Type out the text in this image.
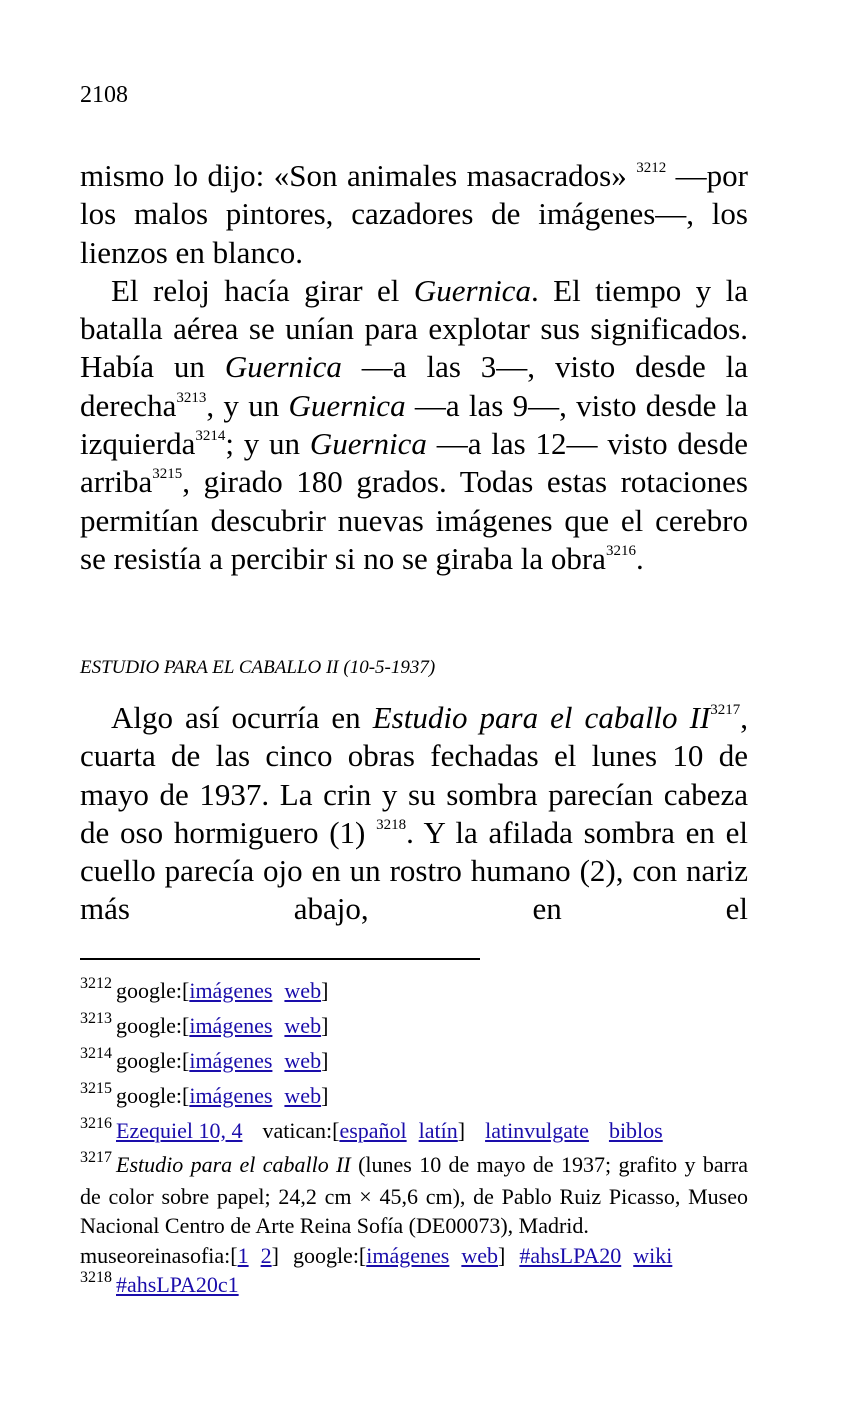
2108

mismo lo dijo: «Son animales masacrados» $^{3212}$ —por los malos pintores, cazadores de imágenes—, los lienzos en blanco.

El reloj hacía girar el Guernica. El tiempo y la batalla aérea se unían para explotar sus significados. Había un Guernica —a las 3—, visto desde la derecha$^{3213}$, y un Guernica —a las 9—, visto desde la izquierda$^{3214}$; y un Guernica —a las 12— visto desde arriba$^{3215}$, girado 180 grados. Todas estas rotaciones permitían descubrir nuevas imágenes que el cerebro se resistía a percibir si no se giraba la obra$^{3216}$.

ESTUDIO PARA EL CABALLO II (10-5-1937)

Algo así ocurría en Estudio para el caballo II$^{3217}$, cuarta de las cinco obras fechadas el lunes 10 de mayo de 1937. La crin y su sombra parecían cabeza de oso hormiguero (1) $^{3218}$. Y la afilada sombra en el cuello parecía ojo en un rostro humano (2), con nariz más abajo, en el

$^{3212}$ google:[imágenes web]

$^{3213}$ google:[imágenes web]

$^{3214}$ google:[imágenes web]

$^{3215}$ google:[imágenes web]

$^{3216}$ Ezequiel 10, 4 vatican:[español latín] latinvulgate biblos

$^{3217}$ Estudio para el caballo II (lunes 10 de mayo de 1937; grafito y barra de color sobre papel; 24,2 cm × 45,6 cm), de Pablo Ruiz Picasso, Museo Nacional Centro de Arte Reina Sofía (DE00073), Madrid.

museoreinasofia:[1 2] google:[imágenes web] #ahsLPA20 wiki

$^{3218}$ #ahsLPA20c1
